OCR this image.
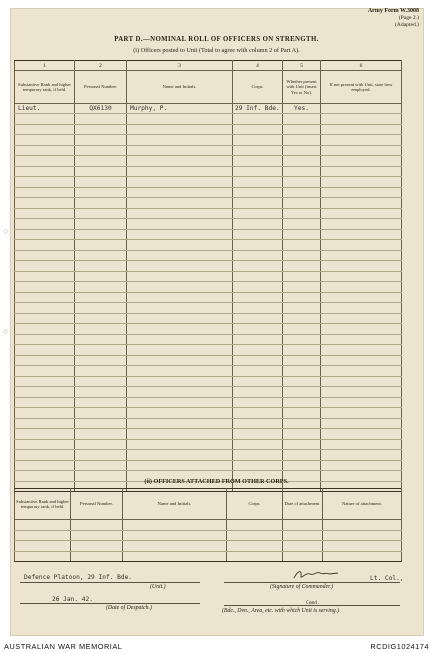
Army Form W.3008
(Page 2.)
(Adapted.)
PART D.—NOMINAL ROLL OF OFFICERS ON STRENGTH.
(i) Officers posted to Unit (Total to agree with column 2 of Part A).
1	2	3	4	5	6
Substantive Rank and higher temporary rank, if held.	Personal Number.	Name and Initials.	Corps.	Whether present with Unit (insert Yes or No).	If not present with Unit, state how employed.
Lieut.	QX6130	Murphy, P.	29 Inf. Bde.	Yes.	

(ii) OFFICERS ATTACHED FROM OTHER CORPS.
Substantive Rank and higher temporary rank, if held.	Personal Number.	Name and Initials.	Corps.	Date of attachment.	Nature of attachment.

Defence Platoon, 29 Inf. Bde.
(Unit.)
26 Jan. 42.
(Date of Despatch.)
Lt. Col.,
(Signature of Commander.)
Comd.
(Bde., Dvn., Area, etc. with which Unit is serving.)
AUSTRALIAN WAR MEMORIAL	RCDIG1024174
